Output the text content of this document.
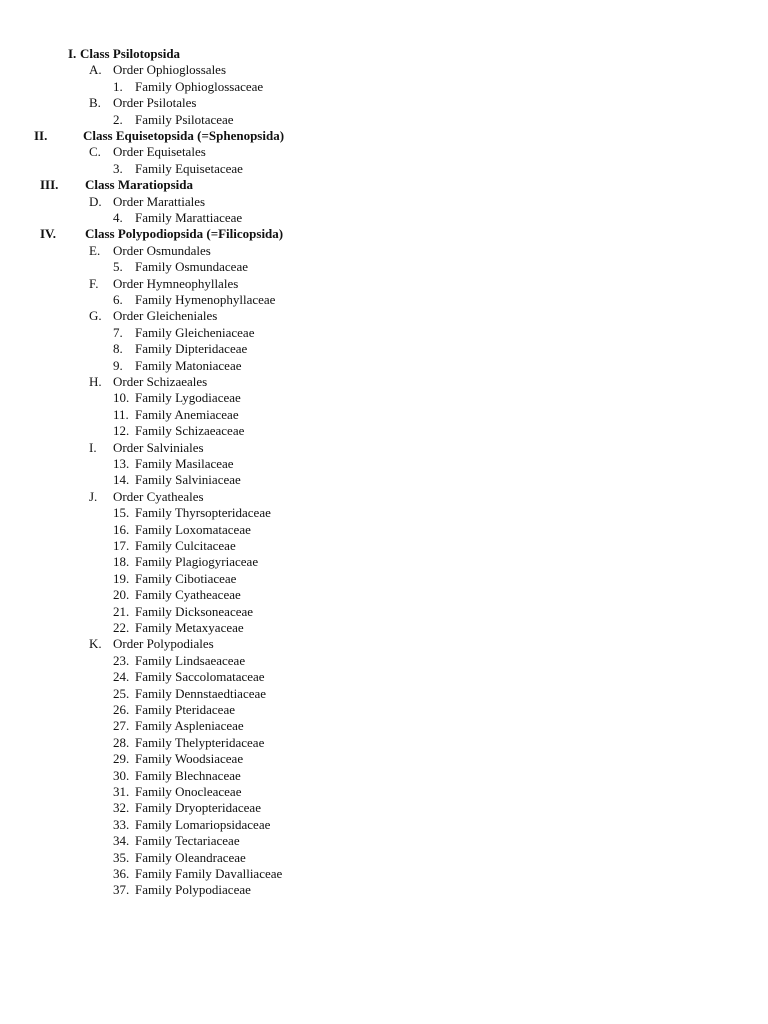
I. Class Psilotopsida
A. Order Ophioglossales
1. Family Ophioglossaceae
B. Order Psilotales
2. Family Psilotaceae
II.	Class Equisetopsida (=Sphenopsida)
C. Order Equisetales
3. Family Equisetaceae
III. Class Maratiopsida
D. Order Marattiales
4. Family Marattiaceae
IV. Class Polypodiopsida (=Filicopsida)
E. Order Osmundales
5. Family Osmundaceae
F. Order Hymneophyllales
6. Family Hymenophyllaceae
G. Order Gleicheniales
7. Family Gleicheniaceae
8. Family Dipteridaceae
9. Family Matoniaceae
H. Order Schizaeales
10. Family Lygodiaceae
11. Family Anemiaceae
12. Family Schizaeaceae
I. Order Salviniales
13. Family Masilaceae
14. Family Salviniaceae
J. Order Cyatheales
15. Family Thyrsopteridaceae
16. Family Loxomataceae
17. Family Culcitaceae
18. Family Plagiogyriaceae
19. Family Cibotiaceae
20. Family Cyatheaceae
21. Family Dicksoneaceae
22. Family Metaxyaceae
K. Order Polypodiales
23. Family Lindsaeaceae
24. Family Saccolomataceae
25. Family Dennstaedtiaceae
26. Family Pteridaceae
27. Family Aspleniaceae
28. Family Thelypteridaceae
29. Family Woodsiaceae
30. Family Blechnaceae
31. Family Onocleaceae
32. Family Dryopteridaceae
33. Family Lomariopsidaceae
34. Family Tectariaceae
35. Family Oleandraceae
36. Family Family Davalliaceae
37. Family Polypodiaceae
